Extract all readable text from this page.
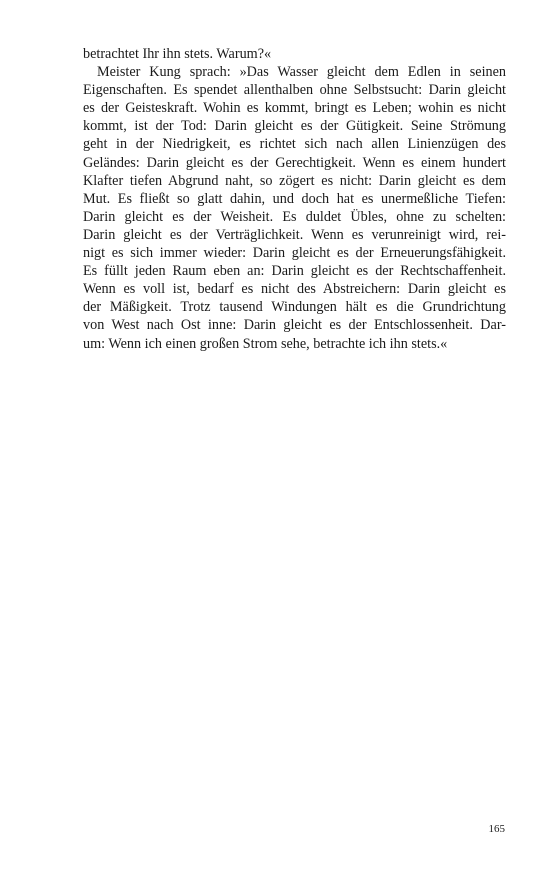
betrachtet Ihr ihn stets. Warum?«
Meister Kung sprach: »Das Wasser gleicht dem Edlen in seinen
Eigenschaften. Es spendet allenthalben ohne Selbstsucht: Darin gleicht
es der Geisteskraft. Wohin es kommt, bringt es Leben; wohin es nicht
kommt, ist der Tod: Darin gleicht es der Gütigkeit. Seine Strömung
geht in der Niedrigkeit, es richtet sich nach allen Linienzügen des
Geländes: Darin gleicht es der Gerechtigkeit. Wenn es einem hundert
Klafter tiefen Abgrund naht, so zögert es nicht: Darin gleicht es dem
Mut. Es fließt so glatt dahin, und doch hat es unermeßliche Tiefen:
Darin gleicht es der Weisheit. Es duldet Übles, ohne zu schelten:
Darin gleicht es der Verträglichkeit. Wenn es verunreinigt wird, rei-
nigt es sich immer wieder: Darin gleicht es der Erneuerungsfähigkeit.
Es füllt jeden Raum eben an: Darin gleicht es der Rechtschaffenheit.
Wenn es voll ist, bedarf es nicht des Abstreichern: Darin gleicht es
der Mäßigkeit. Trotz tausend Windungen hält es die Grundrichtung
von West nach Ost inne: Darin gleicht es der Entschlossenheit. Dar-
um: Wenn ich einen großen Strom sehe, betrachte ich ihn stets.«
165
